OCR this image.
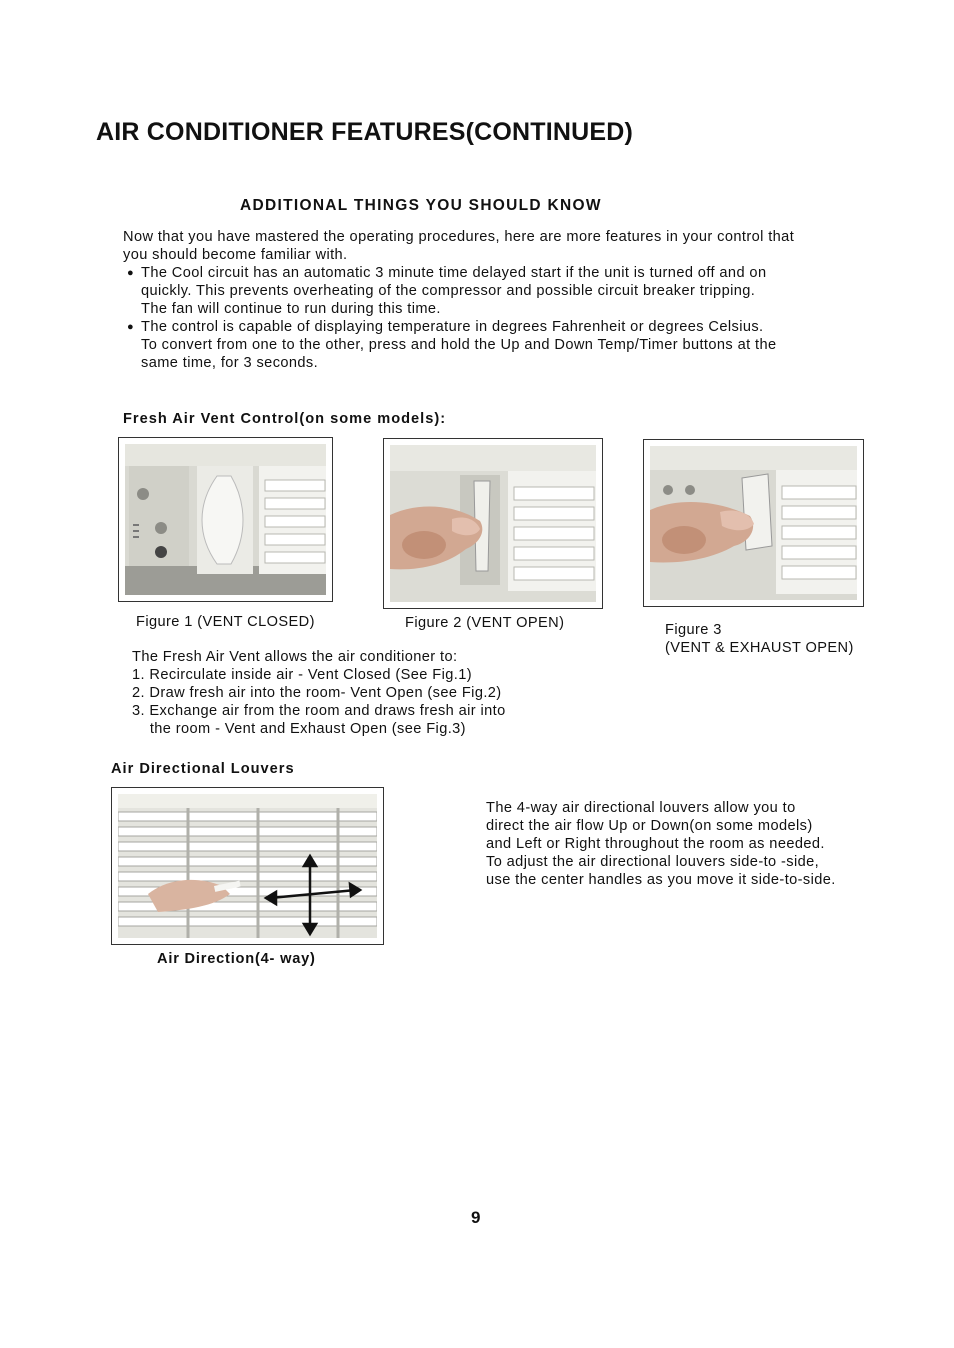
AIR CONDITIONER FEATURES(CONTINUED)
ADDITIONAL THINGS YOU SHOULD KNOW
Now that you have mastered the operating procedures, here are more features in your control that
you should become familiar with.
● The Cool circuit has an automatic 3 minute time delayed start if the unit is turned off and on
quickly. This prevents overheating of the compressor and possible circuit breaker tripping.
The fan will continue to run during this time.
● The control is capable of displaying temperature in degrees Fahrenheit or degrees Celsius.
To convert from one to the other, press and hold the Up and Down Temp/Timer buttons at the
same time, for 3 seconds.
Fresh Air Vent Control(on some models):
Figure 1 (VENT CLOSED)	Figure 2 (VENT OPEN)	Figure 3
(VENT & EXHAUST OPEN)
The Fresh Air Vent allows the air conditioner to:
1. Recirculate inside air - Vent Closed (See Fig.1)
2. Draw fresh air into the room- Vent Open (see Fig.2)
3. Exchange air from the room and draws fresh air into
the room - Vent and Exhaust Open (see Fig.3)
Air Directional Louvers
Air Direction(4- way)
The 4-way air directional louvers allow you to
direct the air flow Up or Down(on some models)
and Left or Right throughout the room as needed.
To adjust the air directional louvers side-to -side,
use the center handles as you move it side-to-side.
9
